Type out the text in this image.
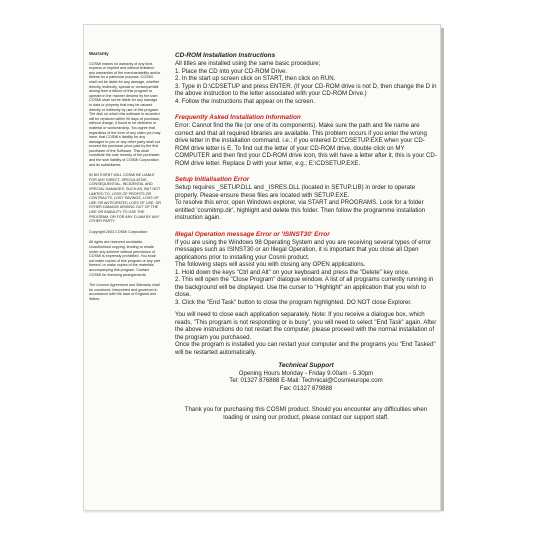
Warranty
COSMI makes no warranty of any kind, express or implied and without limitation any warranties of the merchantability and/or fitness for a particular purpose. COSMI shall not be liable for any damage, whether directly, indirectly, special or consequential arising from a failure of this program to operate in the manner desired by the user. COSMI shall not be liable for any damage to data or property that may be caused directly or indirectly by use of this program. The disk on which this software is recorded will be replaced within 90 days of purchase, without charge, if found to be defective in material or workmanship. You agree that regardless of the form of any claim you may have, that COSMI's liability for any damages to you or any other party shall not exceed the purchase price paid by the first purchaser of the Software. This shall constitute the sole remedy of the purchaser and the sole liability of COSMI Corporation and its subsidiaries.
IN NO EVENT WILL COSMI BE LIABLE FOR ANY DIRECT, SPECULATIVE, CONSEQUENTIAL, INCIDENTAL AND SPECIAL DAMAGES, SUCH AS, BUT NOT LIMITED TO, LOSS OF PROFITS OR CONTRACTS, LOST SAVINGS, LOSS OF USE OR ANTICIPATED LOSS OF USE, OR OTHER DAMAGE ARISING OUT OF THE USE OR INABILITY TO USE THE PROGRAM, OR FOR ANY CLAIM BY ANY OTHER PARTY.
Copyright 2003 COSMI Corporation
All rights are reserved worldwide. Unauthorised copying, lending or resale under any scheme without permission of COSMI is expressly prohibited. You shall not make copies of this program or any part thereof, or make copies of the materials accompanying this program. Contact COSMI for licensing arrangements.
The Licence Agreement and Warranty shall be construed, interpreted and governed in accordance with the laws of England and Wales.
CD-ROM Installation Instructions

All titles are installed using the same basic procedure;

1. Place the CD into your CD-ROM Drive.

2. In the start up screen click on START, then click on RUN.

3. Type in D:\CDSETUP and press ENTER. (If your CD-ROM drive is not D, then change the D in the above instruction to the letter associated with your CD-ROM Drive.)

4. Follow the instructions that appear on the screen.

Frequently Asked Installation Information

Error: Cannot find the file (or one of its components). Make sure the path and file name are correct and that all required libraries are available. This problem occurs if you enter the wrong drive letter in the installation command. i.e.; if you entered D:\CDSETUP.EXE when your CD-ROM drive letter is E. To find out the letter of your CD-ROM drive, double click on MY COMPUTER and then find your CD-ROM drive icon, this will have a letter after it, this is your CD-ROM drive letter. Replace D with your letter, e.g.; E:\CDSETUP.EXE.

Setup Initialisation Error

Setup requires _SETUP.DLL and _ISRES.DLL (located in SETUP.LIB) in order to operate properly. Please ensure these files are located with SETUP.EXE.

To resolve this error, open Windows explorer, via START and PROGRAMS. Look for a folder entitled 'cosmitmp.dir', highlight and delete this folder. Then follow the programme installation instruction again.

Illegal Operation message Error or 'ISINST30' Error

If you are using the Windows 98 Operating System and you are receiving several types of error messages such as ISINST30 or an Illegal Operation, it is important that you close all Open applications prior to installing your Cosmi product.

The following steps will assist you with closing any OPEN applications.

1. Hold down the keys "Ctrl and Alt" on your keyboard and press the "Delete" key once.

2. This will open the "Close Program" dialogue window. A list of all programs currently running in the background will be displayed. Use the curser to "Highlight" an application that you wish to close.

3. Click the "End Task" button to close the program highlighted. DO NOT close Explorer.

You will need to close each application separately. Note: If you receive a dialogue box, which reads, "This program is not responding or is busy", you will need to select "End Task" again. After the above instructions do not restart the computer, please proceed with the normal installation of the program you purchased.

Once the program is installed you can restart your computer and the programs you "End Tasked" will be restarted automatically.

Technical Support
Opening Hours Monday - Friday 9.00am - 5.30pm
Tel: 01327 876888 E-Mail: Technical@Cosmieurope.com
Fax: 01327 879888
Thank you for purchasing this COSMI product. Should you encounter any difficulties when loading or using our product, please contact our support staff.
